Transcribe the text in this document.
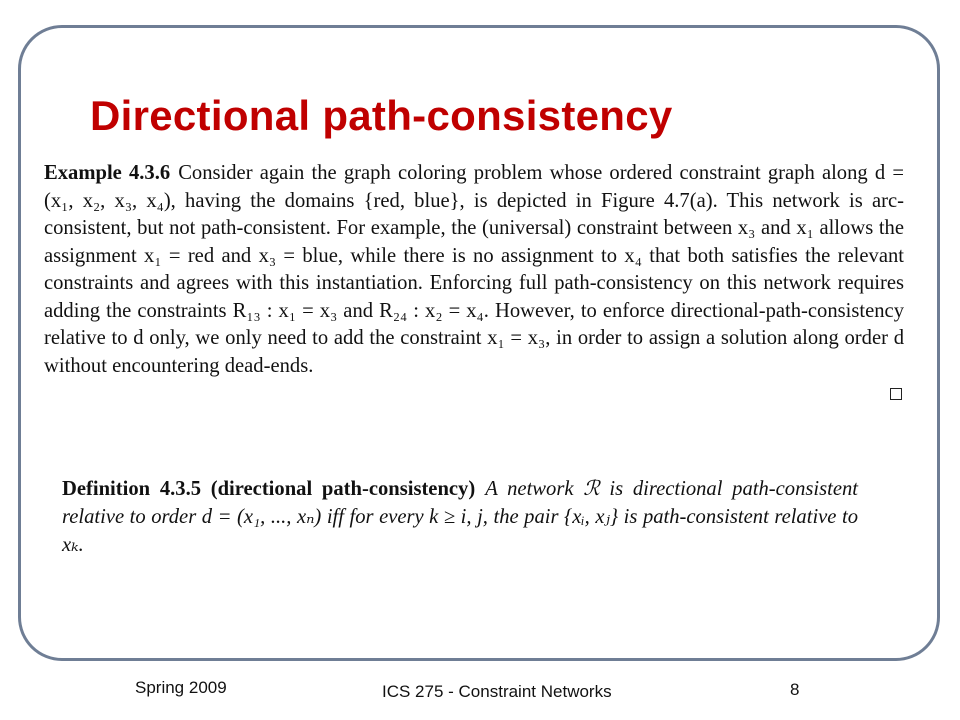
Directional path-consistency

Example 4.3.6 Consider again the graph coloring problem whose ordered constraint graph along d = (x₁, x₂, x₃, x₄), having the domains {red, blue}, is depicted in Figure 4.7(a). This network is arc-consistent, but not path-consistent. For example, the (universal) constraint between x₃ and x₁ allows the assignment x₁ = red and x₃ = blue, while there is no assignment to x₄ that both satisfies the relevant constraints and agrees with this instantiation. Enforcing full path-consistency on this network requires adding the constraints R₁₃ : x₁ = x₃ and R₂₄ : x₂ = x₄. However, to enforce directional-path-consistency relative to d only, we only need to add the constraint x₁ = x₃, in order to assign a solution along order d without encountering dead-ends.

Definition 4.3.5 (directional path-consistency) A network ℛ is directional path-consistent relative to order d = (x₁, ..., xₙ) iff for every k ≥ i, j, the pair {xᵢ, xⱼ} is path-consistent relative to xₖ.

Spring 2009	ICS 275 - Constraint Networks	8
